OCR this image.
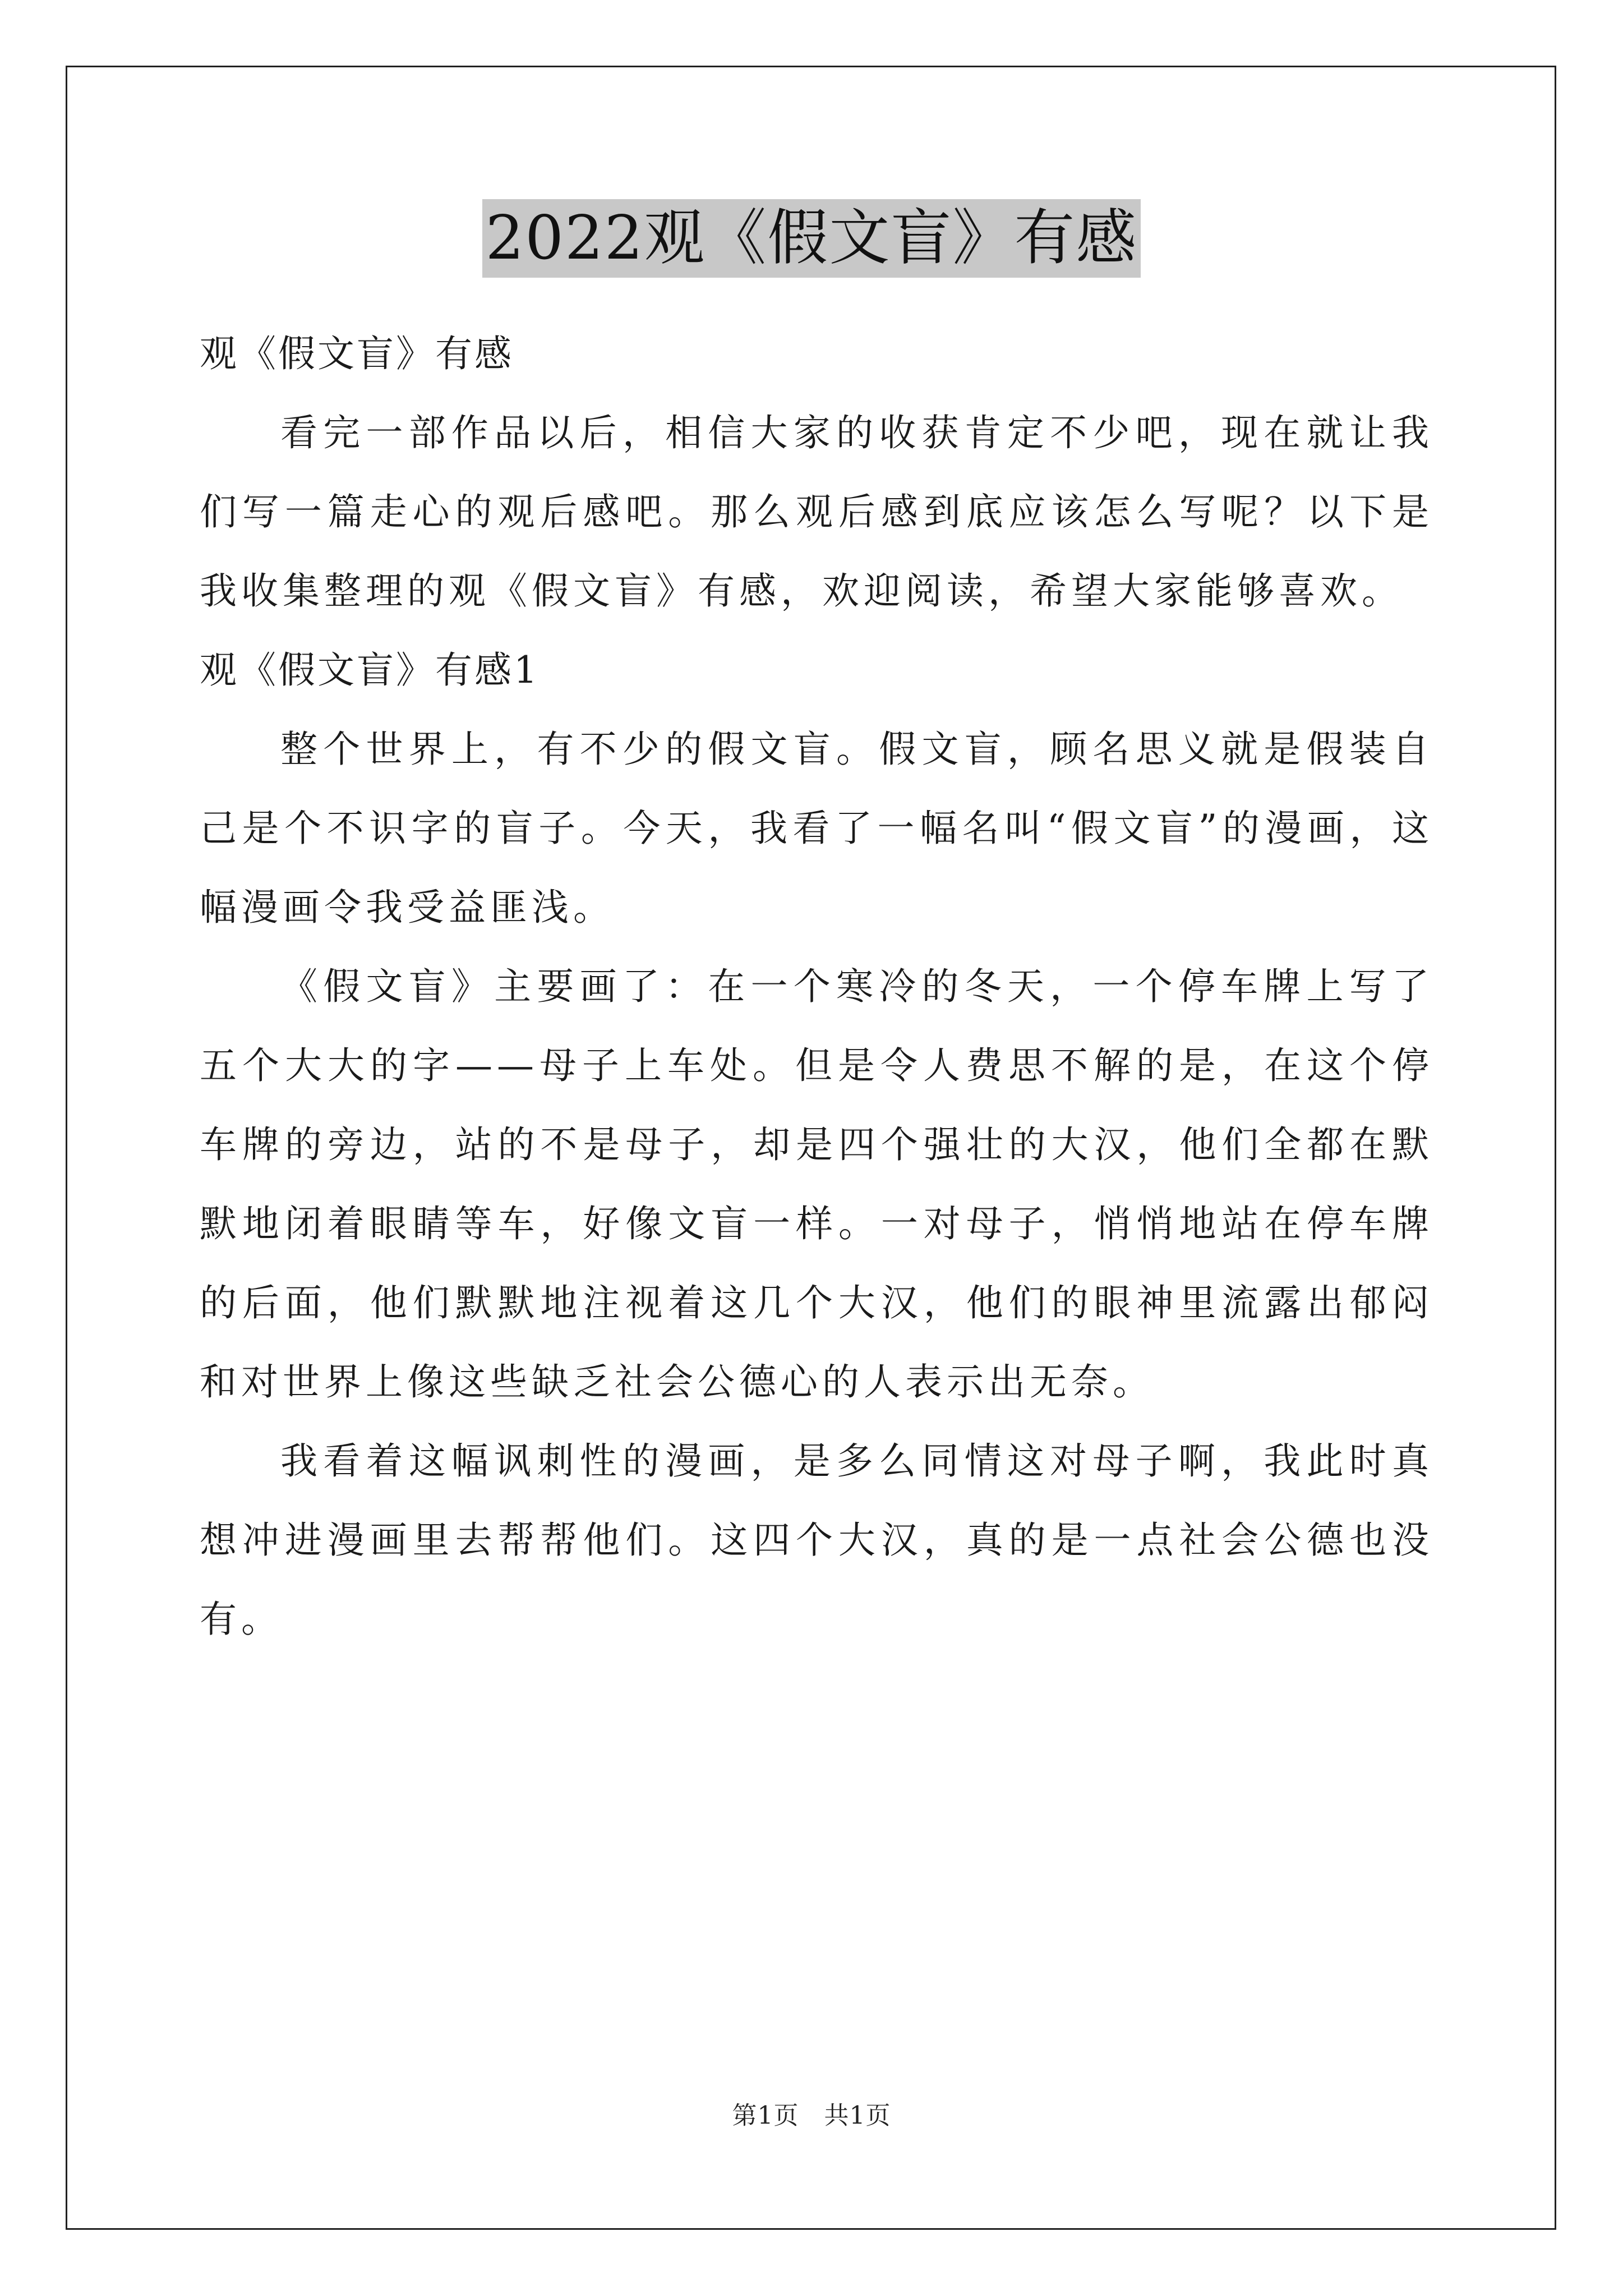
2022观《假文盲》有感

观《假文盲》有感

看完一部作品以后，相信大家的收获肯定不少吧，现在就让我们写一篇走心的观后感吧。那么观后感到底应该怎么写呢？以下是我收集整理的观《假文盲》有感，欢迎阅读，希望大家能够喜欢。

观《假文盲》有感1

整个世界上，有不少的假文盲。假文盲，顾名思义就是假装自己是个不识字的盲子。今天，我看了一幅名叫“假文盲”的漫画，这幅漫画令我受益匪浅。

《假文盲》主要画了：在一个寒冷的冬天，一个停车牌上写了五个大大的字——母子上车处。但是令人费思不解的是，在这个停车牌的旁边，站的不是母子，却是四个强壮的大汉，他们全都在默默地闭着眼睛等车，好像文盲一样。一对母子，悄悄地站在停车牌的后面，他们默默地注视着这几个大汉，他们的眼神里流露出郁闷和对世界上像这些缺乏社会公德心的人表示出无奈。

我看着这幅讽刺性的漫画，是多么同情这对母子啊，我此时真想冲进漫画里去帮帮他们。这四个大汉，真的是一点社会公德也没有。

第1页　共1页
